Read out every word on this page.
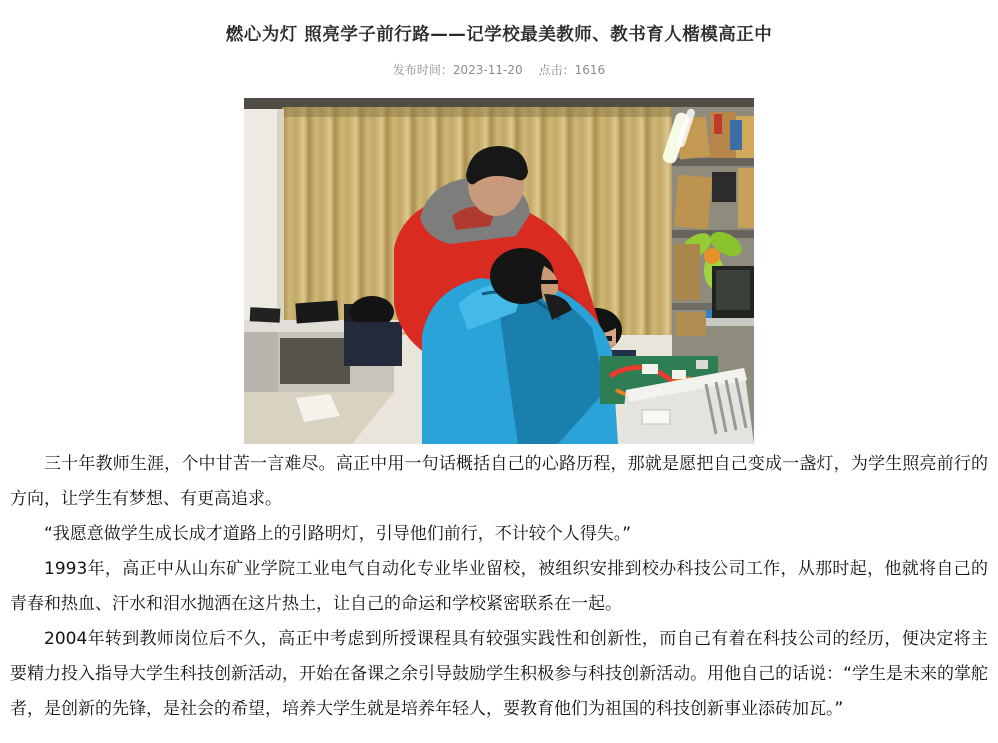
燃心为灯 照亮学子前行路——记学校最美教师、教书育人楷模高正中
发布时间：2023-11-20 点击：1616

三十年教师生涯，个中甘苦一言难尽。高正中用一句话概括自己的心路历程，那就是愿把自己变成一盏灯，为学生照亮前行的方向，让学生有梦想、有更高追求。

“我愿意做学生成长成才道路上的引路明灯，引导他们前行，不计较个人得失。”

1993年，高正中从山东矿业学院工业电气自动化专业毕业留校，被组织安排到校办科技公司工作，从那时起，他就将自己的青春和热血、汗水和泪水抛洒在这片热土，让自己的命运和学校紧密联系在一起。

2004年转到教师岗位后不久，高正中考虑到所授课程具有较强实践性和创新性，而自己有着在科技公司的经历，便决定将主要精力投入指导大学生科技创新活动，开始在备课之余引导鼓励学生积极参与科技创新活动。用他自己的话说：“学生是未来的掌舵者，是创新的先锋，是社会的希望，培养大学生就是培养年轻人，要教育他们为祖国的科技创新事业添砖加瓦。”
